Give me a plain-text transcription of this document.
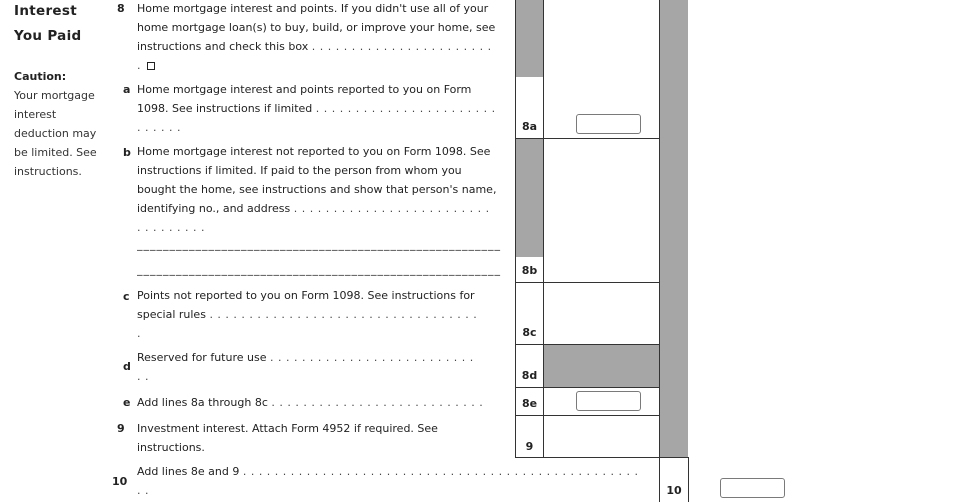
Interest
You Paid
Caution:
Your mortgage
interest
deduction may
be limited. See
instructions.
8 Home mortgage interest and points. If you didn't use all of your
home mortgage loan(s) to buy, build, or improve your home, see
instructions and check this box . . . . . . . . . . . . . . . . . . . . . . .
.
a Home mortgage interest and points reported to you on Form
1098. See instructions if limited . . . . . . . . . . . . . . . . . . . . . . .
. . . . . .	8a
b Home mortgage interest not reported to you on Form 1098. See
instructions if limited. If paid to the person from whom you
bought the home, see instructions and show that person's name,
identifying no., and address . . . . . . . . . . . . . . . . . . . . . . . . .
. . . . . . . . .
________________________________________________________
________________________________________________________	8b
c Points not reported to you on Form 1098. See instructions for
special rules . . . . . . . . . . . . . . . . . . . . . . . . . . . . . . . . . .
.	8c
d
Reserved for future use . . . . . . . . . . . . . . . . . . . . . . . . . .
. .	8d
e Add lines 8a through 8c . . . . . . . . . . . . . . . . . . . . . . . . . . .	8e
9 Investment interest. Attach Form 4952 if required. See
instructions.	9
10
Add lines 8e and 9 . . . . . . . . . . . . . . . . . . . . . . . . . . . . . . . . . . . . . . . . . . . . . . . . . .
. .	10
